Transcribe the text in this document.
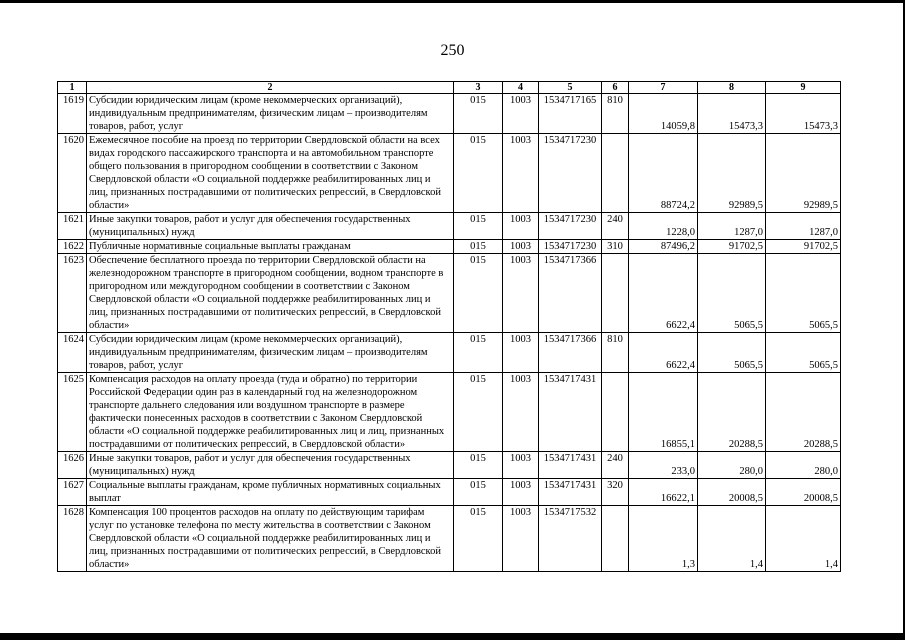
250
1	2	3	4	5	6	7	8	9
1619	Субсидии юридическим лицам (кроме некоммерческих организаций), индивидуальным предпринимателям, физическим лицам – производителям товаров, работ, услуг	015	1003	1534717165	810	14059,8	15473,3	15473,3
1620	Ежемесячное пособие на проезд по территории Свердловской области на всех видах городского пассажирского транспорта и на автомобильном транспорте общего пользования в пригородном сообщении в соответствии с Законом Свердловской области «О социальной поддержке реабилитированных лиц и лиц, признанных пострадавшими от политических репрессий, в Свердловской области»	015	1003	1534717230		88724,2	92989,5	92989,5
1621	Иные закупки товаров, работ и услуг для обеспечения государственных (муниципальных) нужд	015	1003	1534717230	240	1228,0	1287,0	1287,0
1622	Публичные нормативные социальные выплаты гражданам	015	1003	1534717230	310	87496,2	91702,5	91702,5
1623	Обеспечение бесплатного проезда по территории Свердловской области на железнодорожном транспорте в пригородном сообщении, водном транспорте в пригородном или междугородном сообщении в соответствии с Законом Свердловской области «О социальной поддержке реабилитированных лиц и лиц, признанных пострадавшими от политических репрессий, в Свердловской области»	015	1003	1534717366		6622,4	5065,5	5065,5
1624	Субсидии юридическим лицам (кроме некоммерческих организаций), индивидуальным предпринимателям, физическим лицам – производителям товаров, работ, услуг	015	1003	1534717366	810	6622,4	5065,5	5065,5
1625	Компенсация расходов на оплату проезда (туда и обратно) по территории Российской Федерации один раз в календарный год на железнодорожном транспорте дальнего следования или воздушном транспорте в размере фактически понесенных расходов в соответствии с Законом Свердловской области «О социальной поддержке реабилитированных лиц и лиц, признанных пострадавшими от политических репрессий, в Свердловской области»	015	1003	1534717431		16855,1	20288,5	20288,5
1626	Иные закупки товаров, работ и услуг для обеспечения государственных (муниципальных) нужд	015	1003	1534717431	240	233,0	280,0	280,0
1627	Социальные выплаты гражданам, кроме публичных нормативных социальных выплат	015	1003	1534717431	320	16622,1	20008,5	20008,5
1628	Компенсация 100 процентов расходов на оплату по действующим тарифам услуг по установке телефона по месту жительства в соответствии с Законом Свердловской области «О социальной поддержке реабилитированных лиц и лиц, признанных пострадавшими от политических репрессий, в Свердловской области»	015	1003	1534717532		1,3	1,4	1,4
